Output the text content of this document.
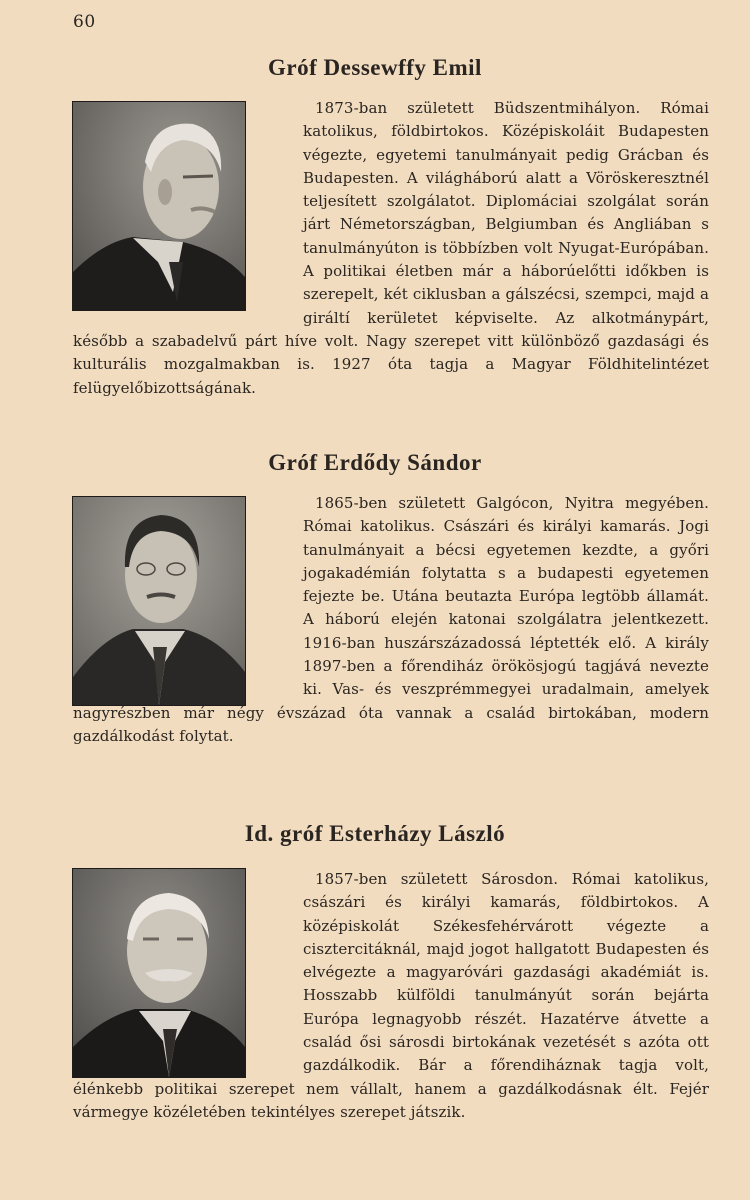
60
Gróf Dessewffy Emil

1873-ban született Büdszentmihályon. Római katolikus, földbirtokos. Középiskoláit Budapesten végezte, egyetemi tanulmányait pedig Grácban és Budapesten. A világháború alatt a Vöröskeresztnél teljesített szolgálatot. Diplomáciai szolgálat során járt Németországban, Belgiumban és Angliában s tanulmányúton is többízben volt Nyugat-Európában. A politikai életben már a háborúelőtti időkben is szerepelt, két ciklusban a gálszécsi, szempci, majd a giráltí kerületet képviselte. Az alkotmánypárt, később a szabadelvű párt híve volt. Nagy szerepet vitt különböző gazdasági és kulturális mozgalmakban is. 1927 óta tagja a Magyar Földhitelintézet felügyelőbizottságának.

Gróf Erdődy Sándor

1865-ben született Galgócon, Nyitra megyében. Római katolikus. Császári és királyi kamarás. Jogi tanulmányait a bécsi egyetemen kezdte, a győri jogakadémián folytatta s a budapesti egyetemen fejezte be. Utána beutazta Európa legtöbb államát. A háború elején katonai szolgálatra jelentkezett. 1916-ban huszárszázadossá léptették elő. A király 1897-ben a főrendiház örökösjogú tagjává nevezte ki. Vas- és veszprémmegyei uradalmain, amelyek nagyrészben már négy évszázad óta vannak a család birtokában, modern gazdálkodást folytat.

Id. gróf Esterházy László

1857-ben született Sárosdon. Római katolikus, császári és királyi kamarás, földbirtokos. A középiskolát Székesfehérvárott végezte a cisztercitáknál, majd jogot hallgatott Budapesten és elvégezte a magyaróvári gazdasági akadémiát is. Hosszabb külföldi tanulmányút során bejárta Európa legnagyobb részét. Hazatérve átvette a család ősi sárosdi birtokának vezetését s azóta ott gazdálkodik. Bár a főrendiháznak tagja volt, élénkebb politikai szerepet nem vállalt, hanem a gazdálkodásnak élt. Fejér vármegye közéletében tekintélyes szerepet játszik.
